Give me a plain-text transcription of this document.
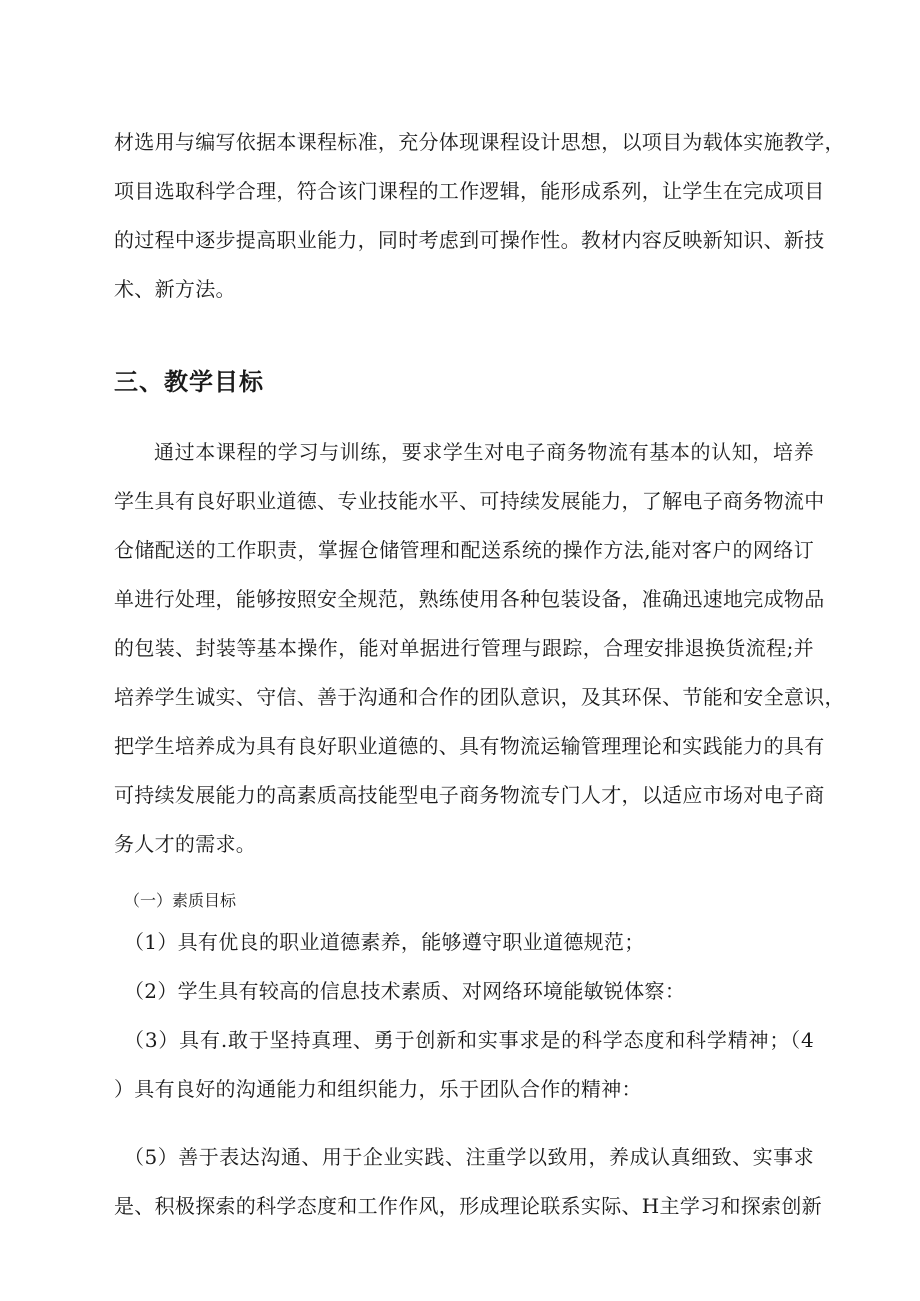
材选用与编写依据本课程标准，充分体现课程设计思想，以项目为载体实施教学，
项目选取科学合理，符合该门课程的工作逻辑，能形成系列，让学生在完成项目
的过程中逐步提高职业能力，同时考虑到可操作性。教材内容反映新知识、新技
术、新方法。
三、教学目标
通过本课程的学习与训练，要求学生对电子商务物流有基本的认知，培养
学生具有良好职业道德、专业技能水平、可持续发展能力，了解电子商务物流中
仓储配送的工作职责，掌握仓储管理和配送系统的操作方法,能对客户的网络订
单进行处理，能够按照安全规范，熟练使用各种包装设备，准确迅速地完成物品
的包装、封装等基本操作，能对单据进行管理与跟踪，合理安排退换货流程;并
培养学生诚实、守信、善于沟通和合作的团队意识，及其环保、节能和安全意识，
把学生培养成为具有良好职业道德的、具有物流运输管理理论和实践能力的具有
可持续发展能力的高素质高技能型电子商务物流专门人才，以适应市场对电子商
务人才的需求。
（一）素质目标
（1）具有优良的职业道德素养，能够遵守职业道德规范；
（2）学生具有较高的信息技术素质、对网络环境能敏锐体察：
（3）具有.敢于坚持真理、勇于创新和实事求是的科学态度和科学精神；（4
）具有良好的沟通能力和组织能力，乐于团队合作的精神：
（5）善于表达沟通、用于企业实践、注重学以致用，养成认真细致、实事求
是、积极探索的科学态度和工作作风，形成理论联系实际、H主学习和探索创新
